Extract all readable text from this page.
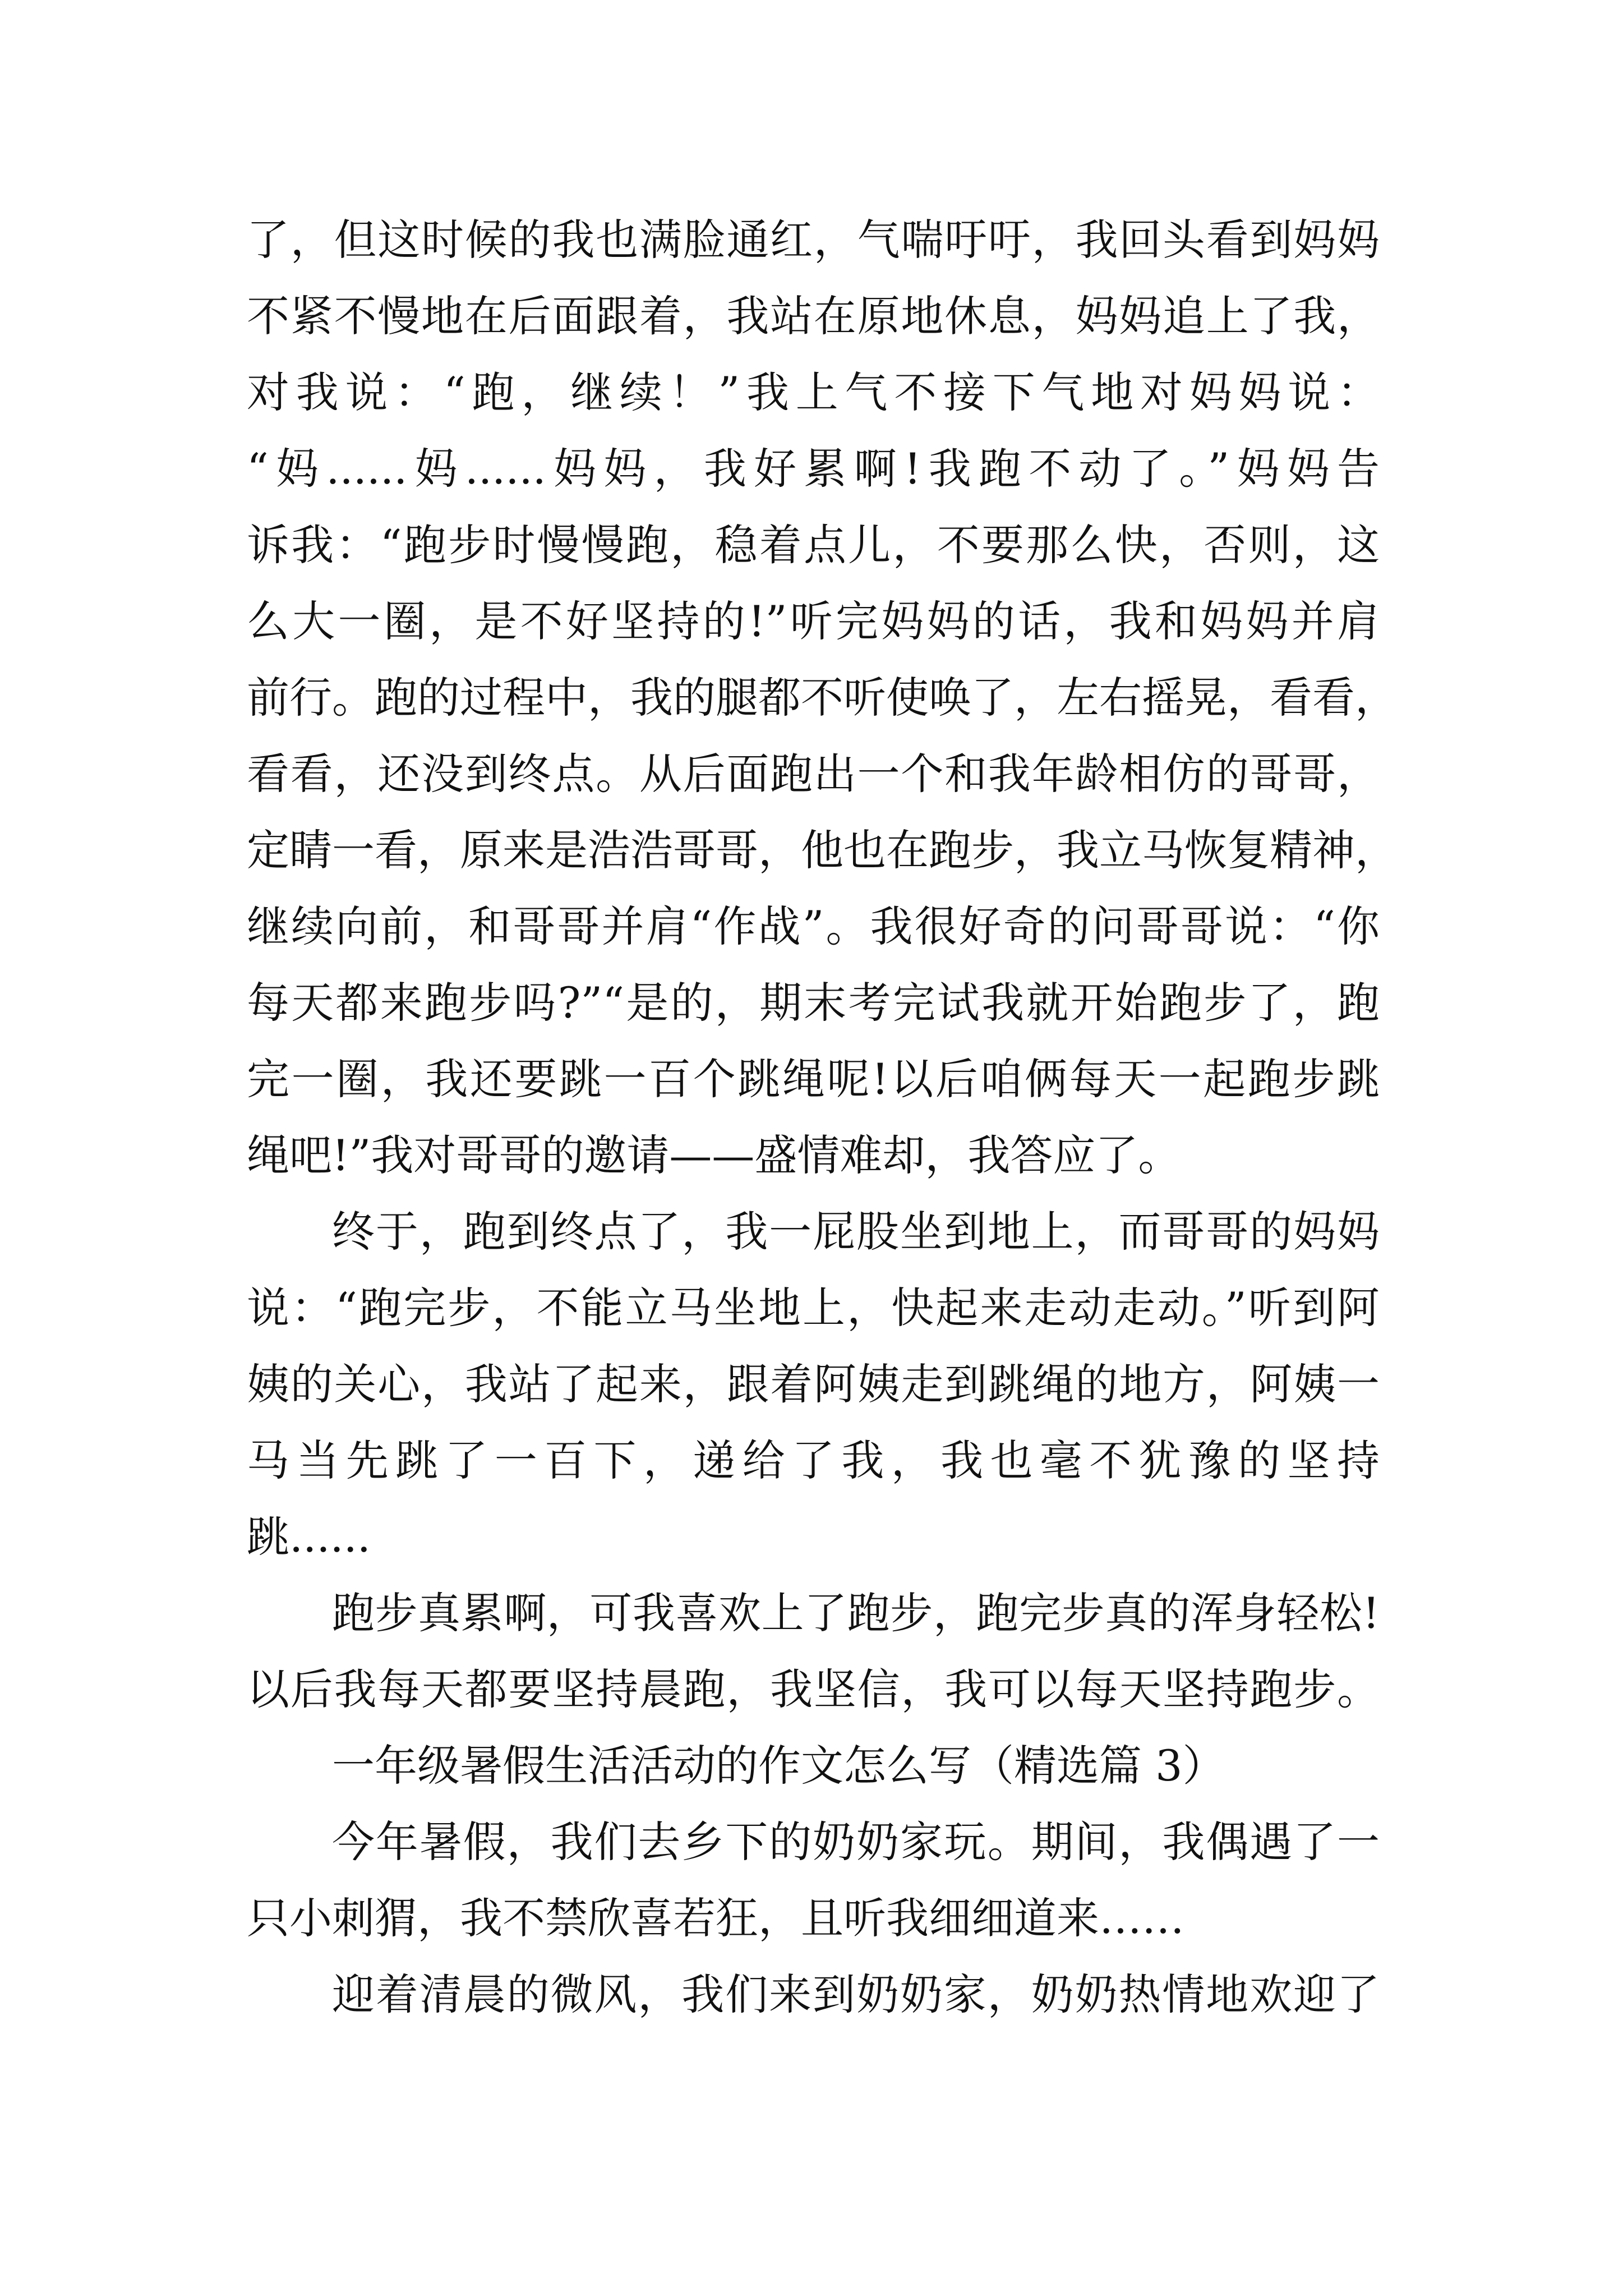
了，但这时候的我也满脸通红，气喘吁吁，我回头看到妈妈
不紧不慢地在后面跟着，我站在原地休息，妈妈追上了我，
对我说：“跑，继续！”我上气不接下气地对妈妈说：
“妈......妈......妈妈，我好累啊!我跑不动了。”妈妈告
诉我：“跑步时慢慢跑，稳着点儿，不要那么快，否则，这
么大一圈，是不好坚持的!”听完妈妈的话，我和妈妈并肩
前行。跑的过程中，我的腿都不听使唤了，左右摇晃，看看，
看看，还没到终点。从后面跑出一个和我年龄相仿的哥哥，
定睛一看，原来是浩浩哥哥，他也在跑步，我立马恢复精神，
继续向前，和哥哥并肩“作战”。我很好奇的问哥哥说：“你
每天都来跑步吗?”“是的，期末考完试我就开始跑步了，跑
完一圈，我还要跳一百个跳绳呢!以后咱俩每天一起跑步跳
绳吧!”我对哥哥的邀请——盛情难却，我答应了。
终于，跑到终点了，我一屁股坐到地上，而哥哥的妈妈
说：“跑完步，不能立马坐地上，快起来走动走动。”听到阿
姨的关心，我站了起来，跟着阿姨走到跳绳的地方，阿姨一
马当先跳了一百下，递给了我，我也毫不犹豫的坚持
跳......
跑步真累啊，可我喜欢上了跑步，跑完步真的浑身轻松!
以后我每天都要坚持晨跑，我坚信，我可以每天坚持跑步。
一年级暑假生活活动的作文怎么写（精选篇 3）
今年暑假，我们去乡下的奶奶家玩。期间，我偶遇了一
只小刺猬，我不禁欣喜若狂，且听我细细道来……
迎着清晨的微风，我们来到奶奶家，奶奶热情地欢迎了
